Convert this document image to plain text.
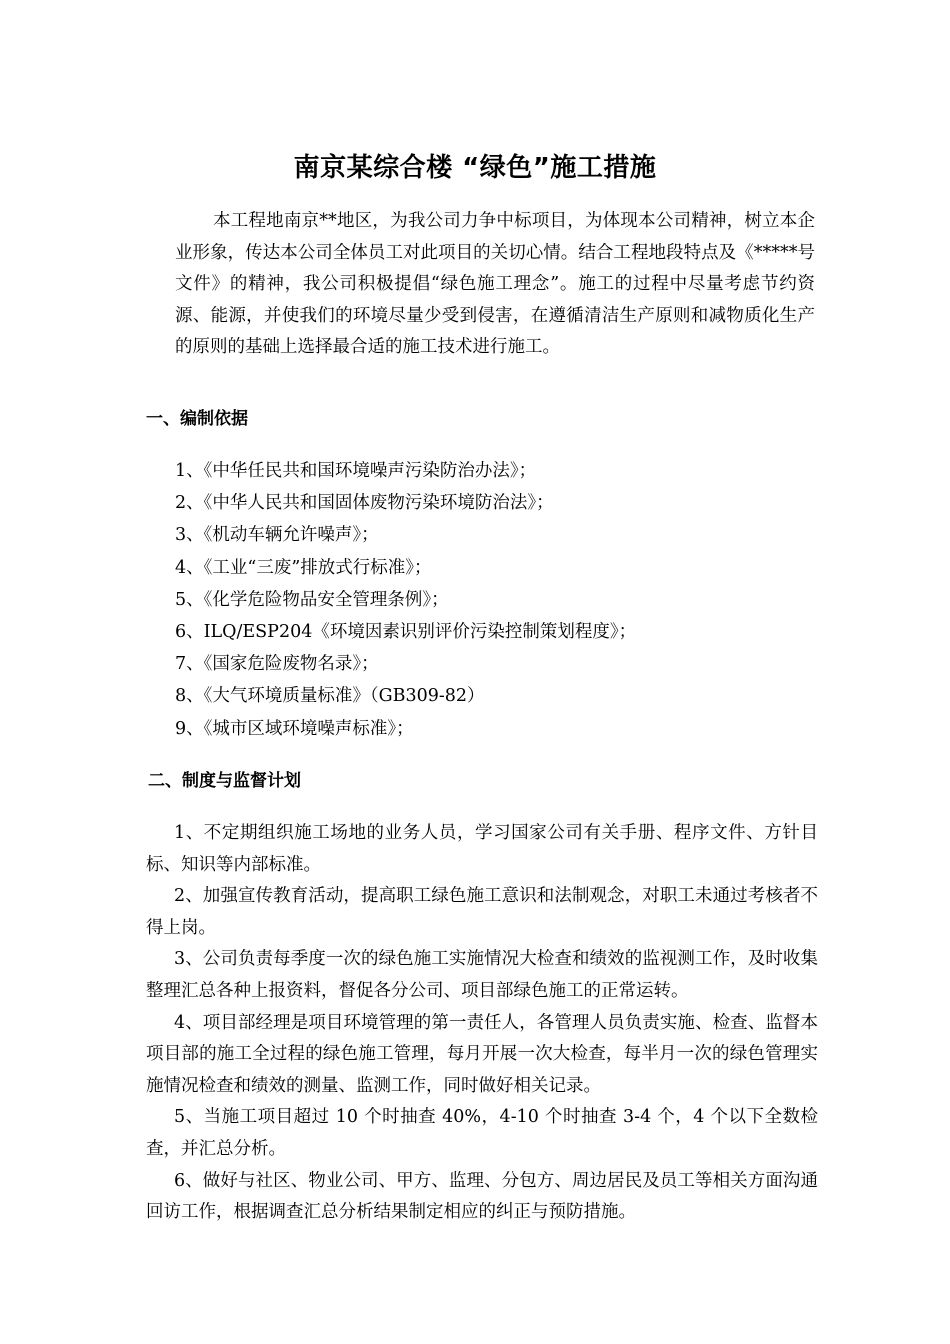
南京某综合楼 “绿色”施工措施

本工程地南京**地区，为我公司力争中标项目，为体现本公司精神，树立本企业形象，传达本公司全体员工对此项目的关切心情。结合工程地段特点及《*****号文件》的精神，我公司积极提倡“绿色施工理念”。施工的过程中尽量考虑节约资源、能源，并使我们的环境尽量少受到侵害，在遵循清洁生产原则和减物质化生产的原则的基础上选择最合适的施工技术进行施工。

一、编制依据
1、《中华任民共和国环境噪声污染防治办法》；
2、《中华人民共和国固体废物污染环境防治法》；
3、《机动车辆允许噪声》；
4、《工业“三废”排放式行标准》；
5、《化学危险物品安全管理条例》；
6、ILQ/ESP204《环境因素识别评价污染控制策划程度》；
7、《国家危险废物名录》；
8、《大气环境质量标准》（GB309-82）
9、《城市区域环境噪声标准》；
二、制度与监督计划

1、不定期组织施工场地的业务人员，学习国家公司有关手册、程序文件、方针目标、知识等内部标准。

2、加强宣传教育活动，提高职工绿色施工意识和法制观念，对职工未通过考核者不得上岗。

3、公司负责每季度一次的绿色施工实施情况大检查和绩效的监视测工作，及时收集整理汇总各种上报资料，督促各分公司、项目部绿色施工的正常运转。

4、项目部经理是项目环境管理的第一责任人，各管理人员负责实施、检查、监督本项目部的施工全过程的绿色施工管理，每月开展一次大检查，每半月一次的绿色管理实施情况检查和绩效的测量、监测工作，同时做好相关记录。

5、当施工项目超过 10 个时抽查 40%，4-10 个时抽查 3-4 个，4 个以下全数检查，并汇总分析。

6、做好与社区、物业公司、甲方、监理、分包方、周边居民及员工等相关方面沟通回访工作，根据调查汇总分析结果制定相应的纠正与预防措施。
